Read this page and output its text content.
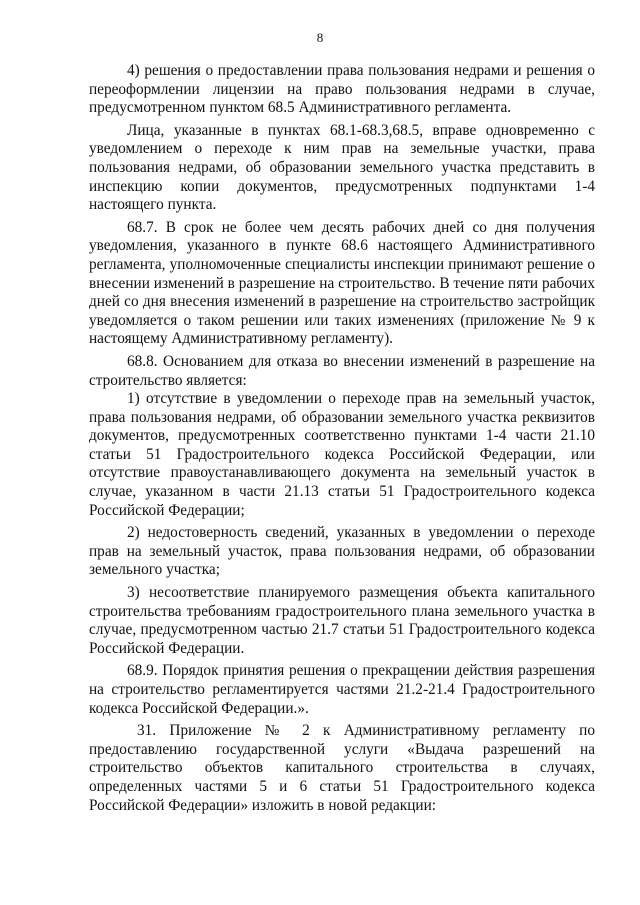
8

4) решения о предоставлении права пользования недрами и решения о переоформлении лицензии на право пользования недрами в случае, предусмотренном пунктом 68.5 Административного регламента.

Лица, указанные в пунктах 68.1-68.3,68.5, вправе одновременно с уведомлением о переходе к ним прав на земельные участки, права пользования недрами, об образовании земельного участка представить в инспекцию копии документов, предусмотренных подпунктами 1-4 настоящего пункта.

68.7. В срок не более чем десять рабочих дней со дня получения уведомления, указанного в пункте 68.6 настоящего Административного регламента, уполномоченные специалисты инспекции принимают решение о внесении изменений в разрешение на строительство. В течение пяти рабочих дней со дня внесения изменений в разрешение на строительство застройщик уведомляется о таком решении или таких изменениях (приложение № 9 к настоящему Административному регламенту).

68.8. Основанием для отказа во внесении изменений в разрешение на строительство является:

1) отсутствие в уведомлении о переходе прав на земельный участок, права пользования недрами, об образовании земельного участка реквизитов документов, предусмотренных соответственно пунктами 1-4 части 21.10 статьи 51 Градостроительного кодекса Российской Федерации, или отсутствие правоустанавливающего документа на земельный участок в случае, указанном в части 21.13 статьи 51 Градостроительного кодекса Российской Федерации;

2) недостоверность сведений, указанных в уведомлении о переходе прав на земельный участок, права пользования недрами, об образовании земельного участка;

3) несоответствие планируемого размещения объекта капитального строительства требованиям градостроительного плана земельного участка в случае, предусмотренном частью 21.7 статьи 51 Градостроительного кодекса Российской Федерации.

68.9. Порядок принятия решения о прекращении действия разрешения на строительство регламентируется частями 21.2-21.4 Градостроительного кодекса Российской Федерации.».

31. Приложение № 2 к Административному регламенту по предоставлению государственной услуги «Выдача разрешений на строительство объектов капитального строительства в случаях, определенных частями 5 и 6 статьи 51 Градостроительного кодекса Российской Федерации» изложить в новой редакции:
